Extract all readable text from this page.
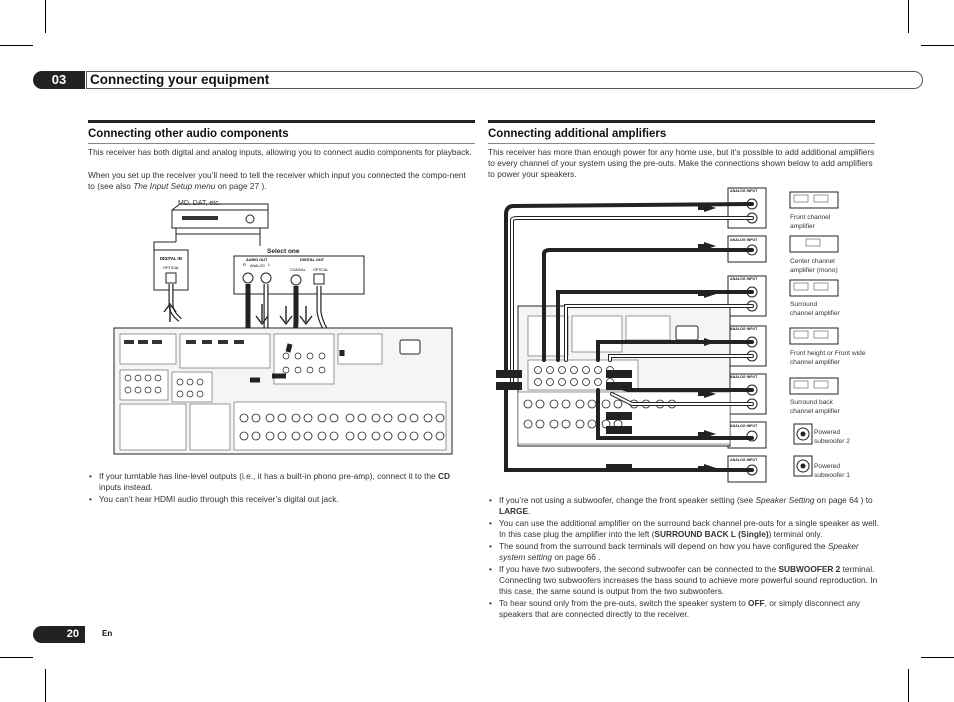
03	Connecting your equipment
Connecting other audio components
This receiver has both digital and analog inputs, allowing you to connect audio components for playback.
When you set up the receiver you’ll need to tell the receiver which input you connected the compo-nent to (see also The Input Setup menu on page 27 ).
MD, DAT, etc.
DIGITAL IN
OPTICAL
Select one
AUDIO OUT
ANALOG
R	L
DIGITAL OUT
COAXIAL OPTICAL
• If your turntable has line-level outputs (i.e., it has a built-in phono pre-amp), connect it to the CD inputs instead.
• You can’t hear HDMI audio through this receiver’s digital out jack.
Connecting additional amplifiers
This receiver has more than enough power for any home use, but it’s possible to add additional amplifiers to every channel of your system using the pre-outs. Make the connections shown below to add amplifiers to power your speakers.
ANALOG INPUT
ANALOG INPUT
ANALOG INPUT
ANALOG INPUT
ANALOG INPUT
ANALOG INPUT
ANALOG INPUT
Front channel
amplifier
Center channel
amplifier (mono)
Surround
channel amplifier
Front height or Front wide
channel amplifier
Surround back
channel amplifier
Powered
subwoofer 2
Powered
subwoofer 1
• If you’re not using a subwoofer, change the front speaker setting (see Speaker Setting on page 64 ) to LARGE.
• You can use the additional amplifier on the surround back channel pre-outs for a single speaker as well. In this case plug the amplifier into the left (SURROUND BACK L (Single)) terminal only.
• The sound from the surround back terminals will depend on how you have configured the Speaker system setting on page 66 .
• If you have two subwoofers, the second subwoofer can be connected to the SUBWOOFER 2 terminal. Connecting two subwoofers increases the bass sound to achieve more powerful sound reproduction. In this case, the same sound is output from the two subwoofers.
• To hear sound only from the pre-outs, switch the speaker system to OFF, or simply disconnect any speakers that are connected directly to the receiver.
20	En
